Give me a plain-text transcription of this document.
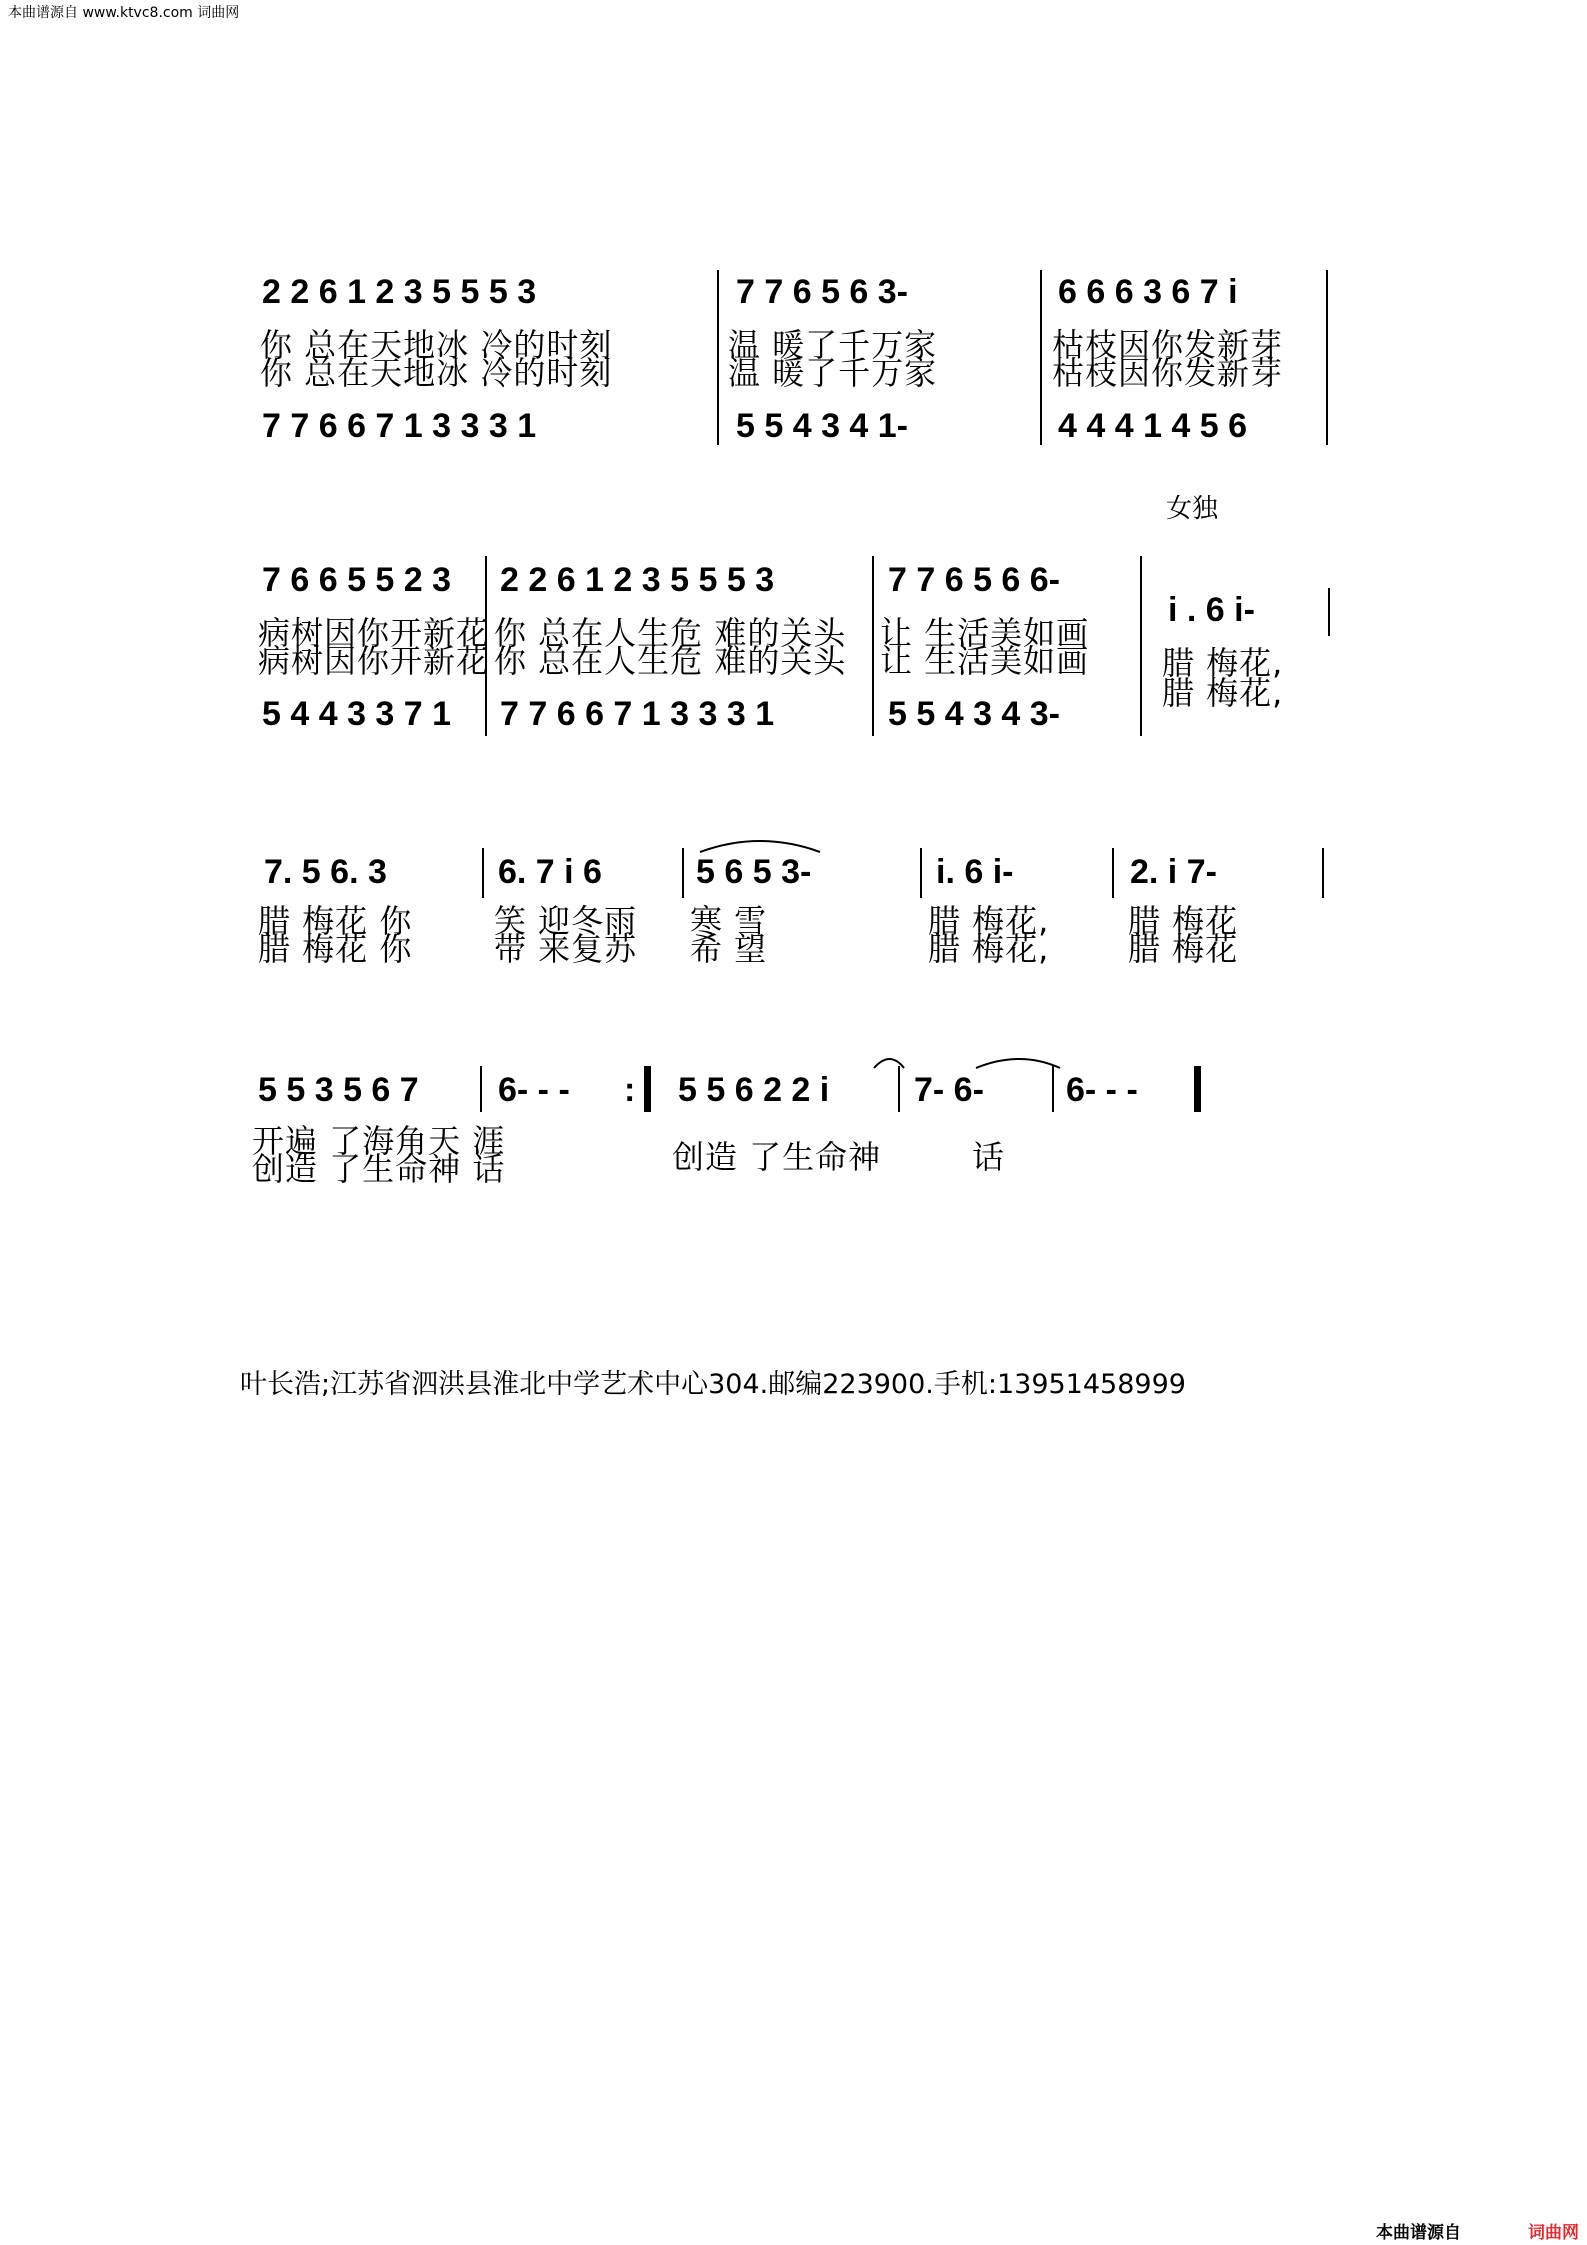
本曲谱源自 www.ktvc8.com 词曲网
2 2 6 1 2 3 5 5 5 3	7 7 6 5 6 3-	6 6 6 3 6 7 i
你 总在天地冰 冷的时刻	温 暖了千万家	枯枝因你发新芽
你 总在天地冰 冷的时刻	温 暖了千万家	枯枝因你发新芽
7 7 6 6 7 1 3 3 3 1	5 5 4 3 4 1-	4 4 4 1 4 5 6
女独
7 6 6 5 5 2 3 2 2 6 1 2 3 5 5 5 3	7 7 6 5 6 6-
i . 6 i-
病树因你开新花 你 总在人生危 难的关头 让 生活美如画
腊 梅花,
病树因你开新花 你 总在人生危 难的关头 让 生活美如画
腊 梅花,
5 4 4 3 3 7 1 7 7 6 6 7 1 3 3 3 1	5 5 4 3 4 3-
7. 5 6. 3	6. 7 i 6	5 6 5 3-	i. 6 i-	2. i 7-
腊 梅花 你	笑 迎冬雨 寒 雪	腊 梅花, 腊 梅花
腊 梅花 你	带 来复苏 希 望	腊 梅花, 腊 梅花
5 5 3 5 6 7 6- - - : 5 5 6 2 2 i 7- 6- 6- - -
开遍 了海角天 涯
创造 了生命神 话	创造 了生命神	话
叶长浩;江苏省泗洪县淮北中学艺术中心304.邮编223900.手机:13951458999
本曲谱源自	词曲网
